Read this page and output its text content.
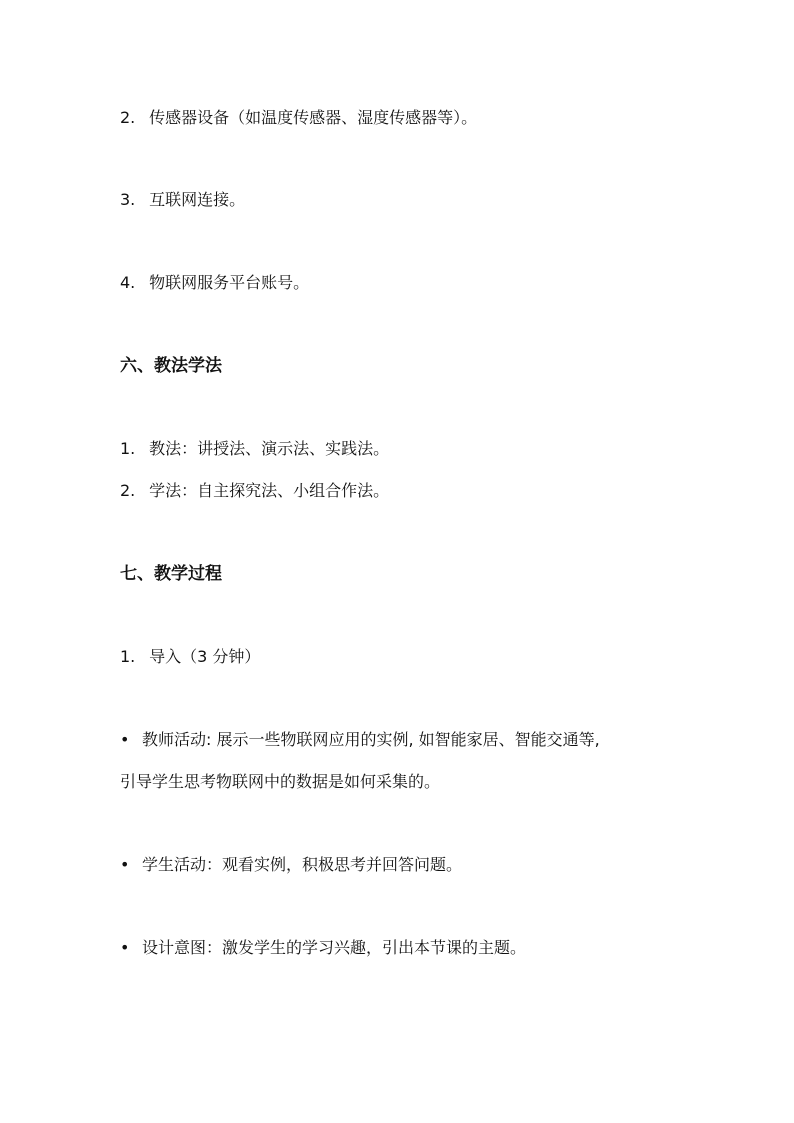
2. 传感器设备（如温度传感器、湿度传感器等）。
3. 互联网连接。
4. 物联网服务平台账号。
六、教法学法
1. 教法：讲授法、演示法、实践法。
2. 学法：自主探究法、小组合作法。
七、教学过程
1. 导入（3 分钟）
• 教师活动: 展示一些物联网应用的实例, 如智能家居、智能交通等,
引导学生思考物联网中的数据是如何采集的。
• 学生活动：观看实例，积极思考并回答问题。
• 设计意图：激发学生的学习兴趣，引出本节课的主题。
